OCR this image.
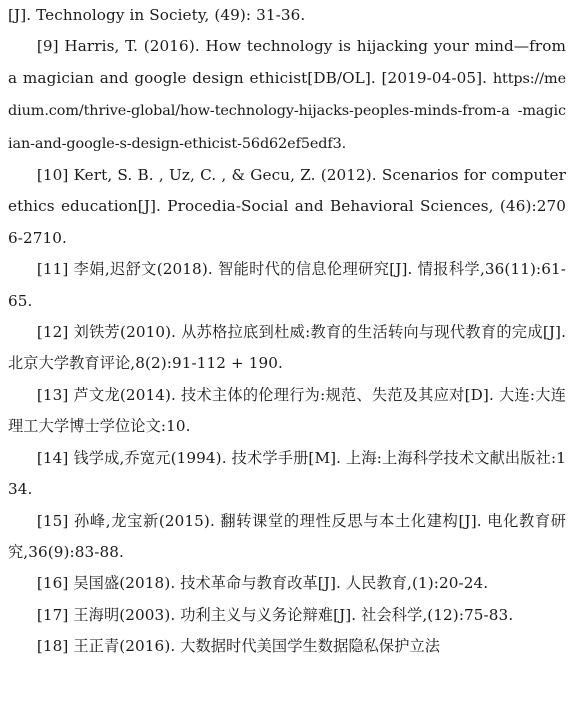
[J]. Technology in Society, (49): 31-36.

[9] Harris, T. (2016). How technology is hijacking your mind—from a magician and google design ethicist[DB/OL]. [2019-04-05]. https://medium.com/thrive-global/how-technology-hijacks-peoples-minds-from-a -magician-and-google-s-design-ethicist-56d62ef5edf3.

[10] Kert, S. B. , Uz, C. , & Gecu, Z. (2012). Scenarios for computer ethics education[J]. Procedia-Social and Behavioral Sciences, (46):2706-2710.

[11] 李娟,迟舒文(2018). 智能时代的信息伦理研究[J]. 情报科学,36(11):61-65.

[12] 刘铁芳(2010). 从苏格拉底到杜威:教育的生活转向与现代教育的完成[J]. 北京大学教育评论,8(2):91-112 + 190.

[13] 芦文龙(2014). 技术主体的伦理行为:规范、失范及其应对[D]. 大连:大连理工大学博士学位论文:10.

[14] 钱学成,乔宽元(1994). 技术学手册[M]. 上海:上海科学技术文献出版社:134.

[15] 孙峰,龙宝新(2015). 翻转课堂的理性反思与本土化建构[J]. 电化教育研究,36(9):83-88.

[16] 吴国盛(2018). 技术革命与教育改革[J]. 人民教育,(1):20-24.

[17] 王海明(2003). 功利主义与义务论辩难[J]. 社会科学,(12):75-83.

[18] 王正青(2016). 大数据时代美国学生数据隐私保护立法
